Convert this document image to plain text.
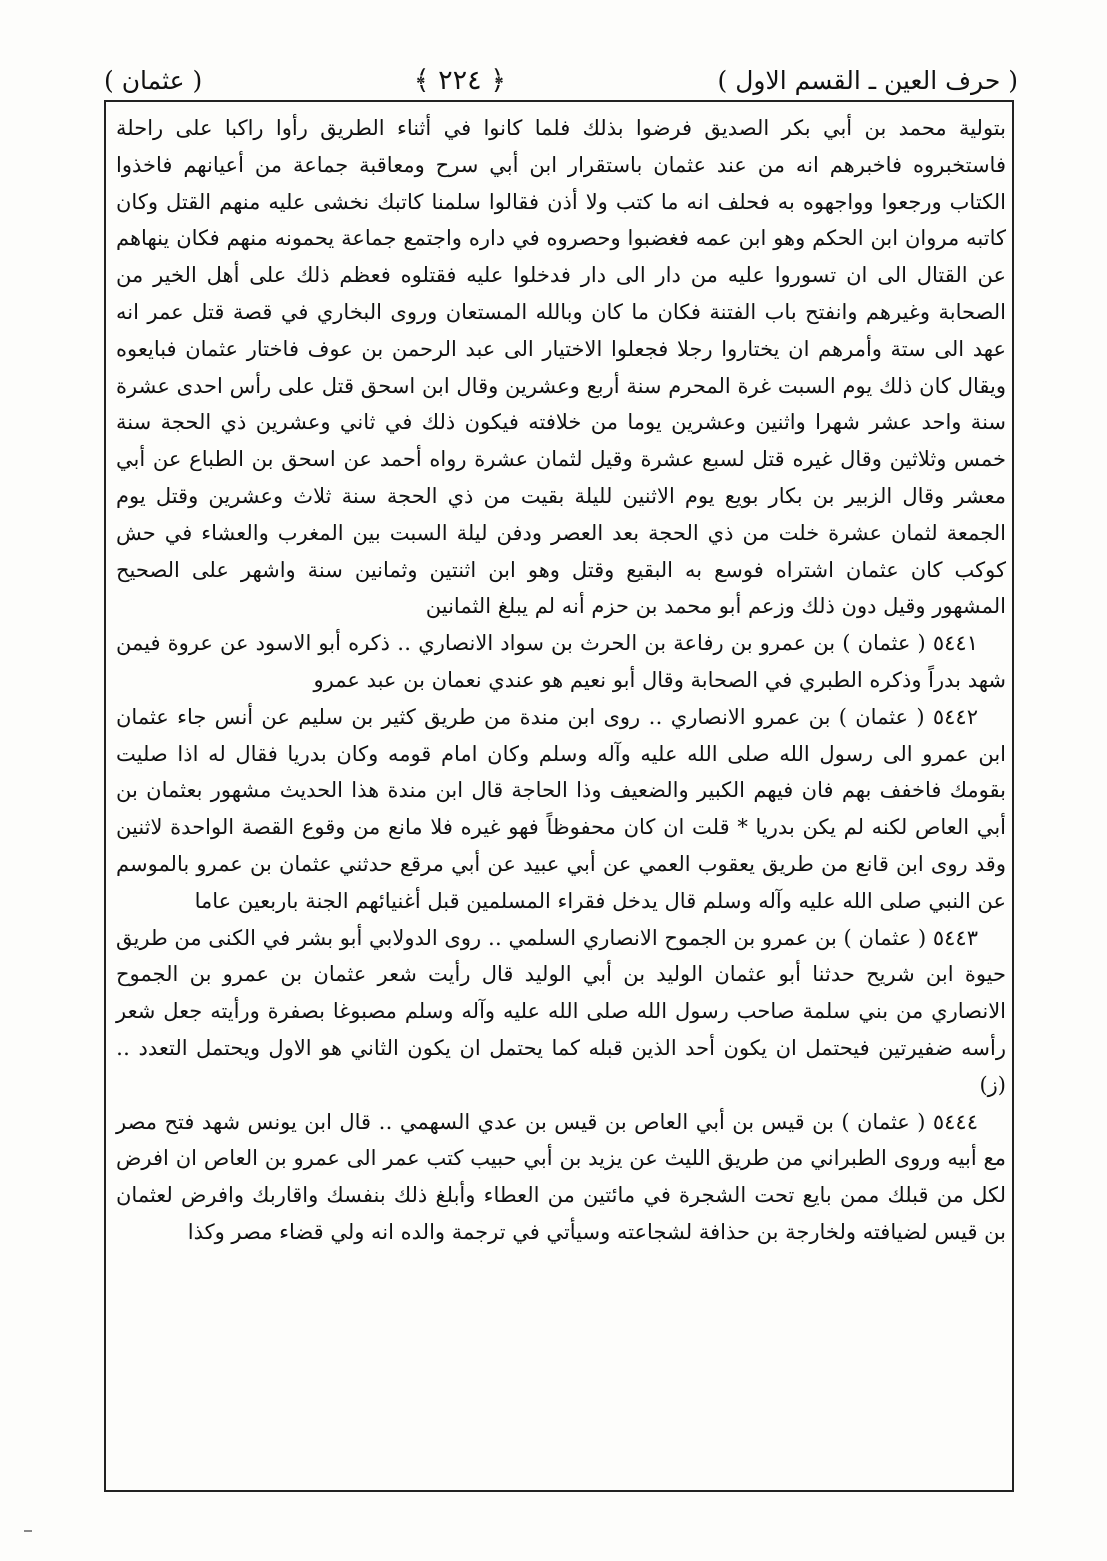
( حرف العين ـ القسم الاول )
﴿ ٢٢٤ ﴾
( عثمان )

بتولية محمد بن أبي بكر الصديق فرضوا بذلك فلما كانوا في أثناء الطريق رأوا راكبا على راحلة فاستخبروه فاخبرهم انه من عند عثمان باستقرار ابن أبي سرح ومعاقبة جماعة من أعيانهم فاخذوا الكتاب ورجعوا وواجهوه به فحلف انه ما كتب ولا أذن فقالوا سلمنا كاتبك نخشى عليه منهم القتل وكان كاتبه مروان ابن الحكم وهو ابن عمه فغضبوا وحصروه في داره واجتمع جماعة يحمونه منهم فكان ينهاهم عن القتال الى ان تسوروا عليه من دار الى دار فدخلوا عليه فقتلوه فعظم ذلك على أهل الخير من الصحابة وغيرهم وانفتح باب الفتنة فكان ما كان وبالله المستعان وروى البخاري في قصة قتل عمر انه عهد الى ستة وأمرهم ان يختاروا رجلا فجعلوا الاختيار الى عبد الرحمن بن عوف فاختار عثمان فبايعوه ويقال كان ذلك يوم السبت غرة المحرم سنة أربع وعشرين وقال ابن اسحق قتل على رأس احدى عشرة سنة واحد عشر شهرا واثنين وعشرين يوما من خلافته فيكون ذلك في ثاني وعشرين ذي الحجة سنة خمس وثلاثين وقال غيره قتل لسبع عشرة وقيل لثمان عشرة رواه أحمد عن اسحق بن الطباع عن أبي معشر وقال الزبير بن بكار بويع يوم الاثنين لليلة بقيت من ذي الحجة سنة ثلاث وعشرين وقتل يوم الجمعة لثمان عشرة خلت من ذي الحجة بعد العصر ودفن ليلة السبت بين المغرب والعشاء في حش كوكب كان عثمان اشتراه فوسع به البقيع وقتل وهو ابن اثنتين وثمانين سنة واشهر على الصحيح المشهور وقيل دون ذلك وزعم أبو محمد بن حزم أنه لم يبلغ الثمانين

٥٤٤١ ( عثمان ) بن عمرو بن رفاعة بن الحرث بن سواد الانصاري ‥ ذكره أبو الاسود عن عروة فيمن شهد بدراً وذكره الطبري في الصحابة وقال أبو نعيم هو عندي نعمان بن عبد عمرو

٥٤٤٢ ( عثمان ) بن عمرو الانصاري ‥ روى ابن مندة من طريق كثير بن سليم عن أنس جاء عثمان ابن عمرو الى رسول الله صلى الله عليه وآله وسلم وكان امام قومه وكان بدريا فقال له اذا صليت بقومك فاخفف بهم فان فيهم الكبير والضعيف وذا الحاجة قال ابن مندة هذا الحديث مشهور بعثمان بن أبي العاص لكنه لم يكن بدريا * قلت ان كان محفوظاً فهو غيره فلا مانع من وقوع القصة الواحدة لاثنين وقد روى ابن قانع من طريق يعقوب العمي عن أبي عبيد عن أبي مرقع حدثني عثمان بن عمرو بالموسم عن النبي صلى الله عليه وآله وسلم قال يدخل فقراء المسلمين قبل أغنيائهم الجنة باربعين عاما

٥٤٤٣ ( عثمان ) بن عمرو بن الجموح الانصاري السلمي ‥ روى الدولابي أبو بشر في الكنى من طريق حيوة ابن شريح حدثنا أبو عثمان الوليد بن أبي الوليد قال رأيت شعر عثمان بن عمرو بن الجموح الانصاري من بني سلمة صاحب رسول الله صلى الله عليه وآله وسلم مصبوغا بصفرة ورأيته جعل شعر رأسه ضفيرتين فيحتمل ان يكون أحد الذين قبله كما يحتمل ان يكون الثاني هو الاول ويحتمل التعدد ‥ (ز)

٥٤٤٤ ( عثمان ) بن قيس بن أبي العاص بن قيس بن عدي السهمي ‥ قال ابن يونس شهد فتح مصر مع أبيه وروى الطبراني من طريق الليث عن يزيد بن أبي حبيب كتب عمر الى عمرو بن العاص ان افرض لكل من قبلك ممن بايع تحت الشجرة في مائتين من العطاء وأبلغ ذلك بنفسك واقاربك وافرض لعثمان بن قيس لضيافته ولخارجة بن حذافة لشجاعته وسيأتي في ترجمة والده انه ولي قضاء مصر وكذا
